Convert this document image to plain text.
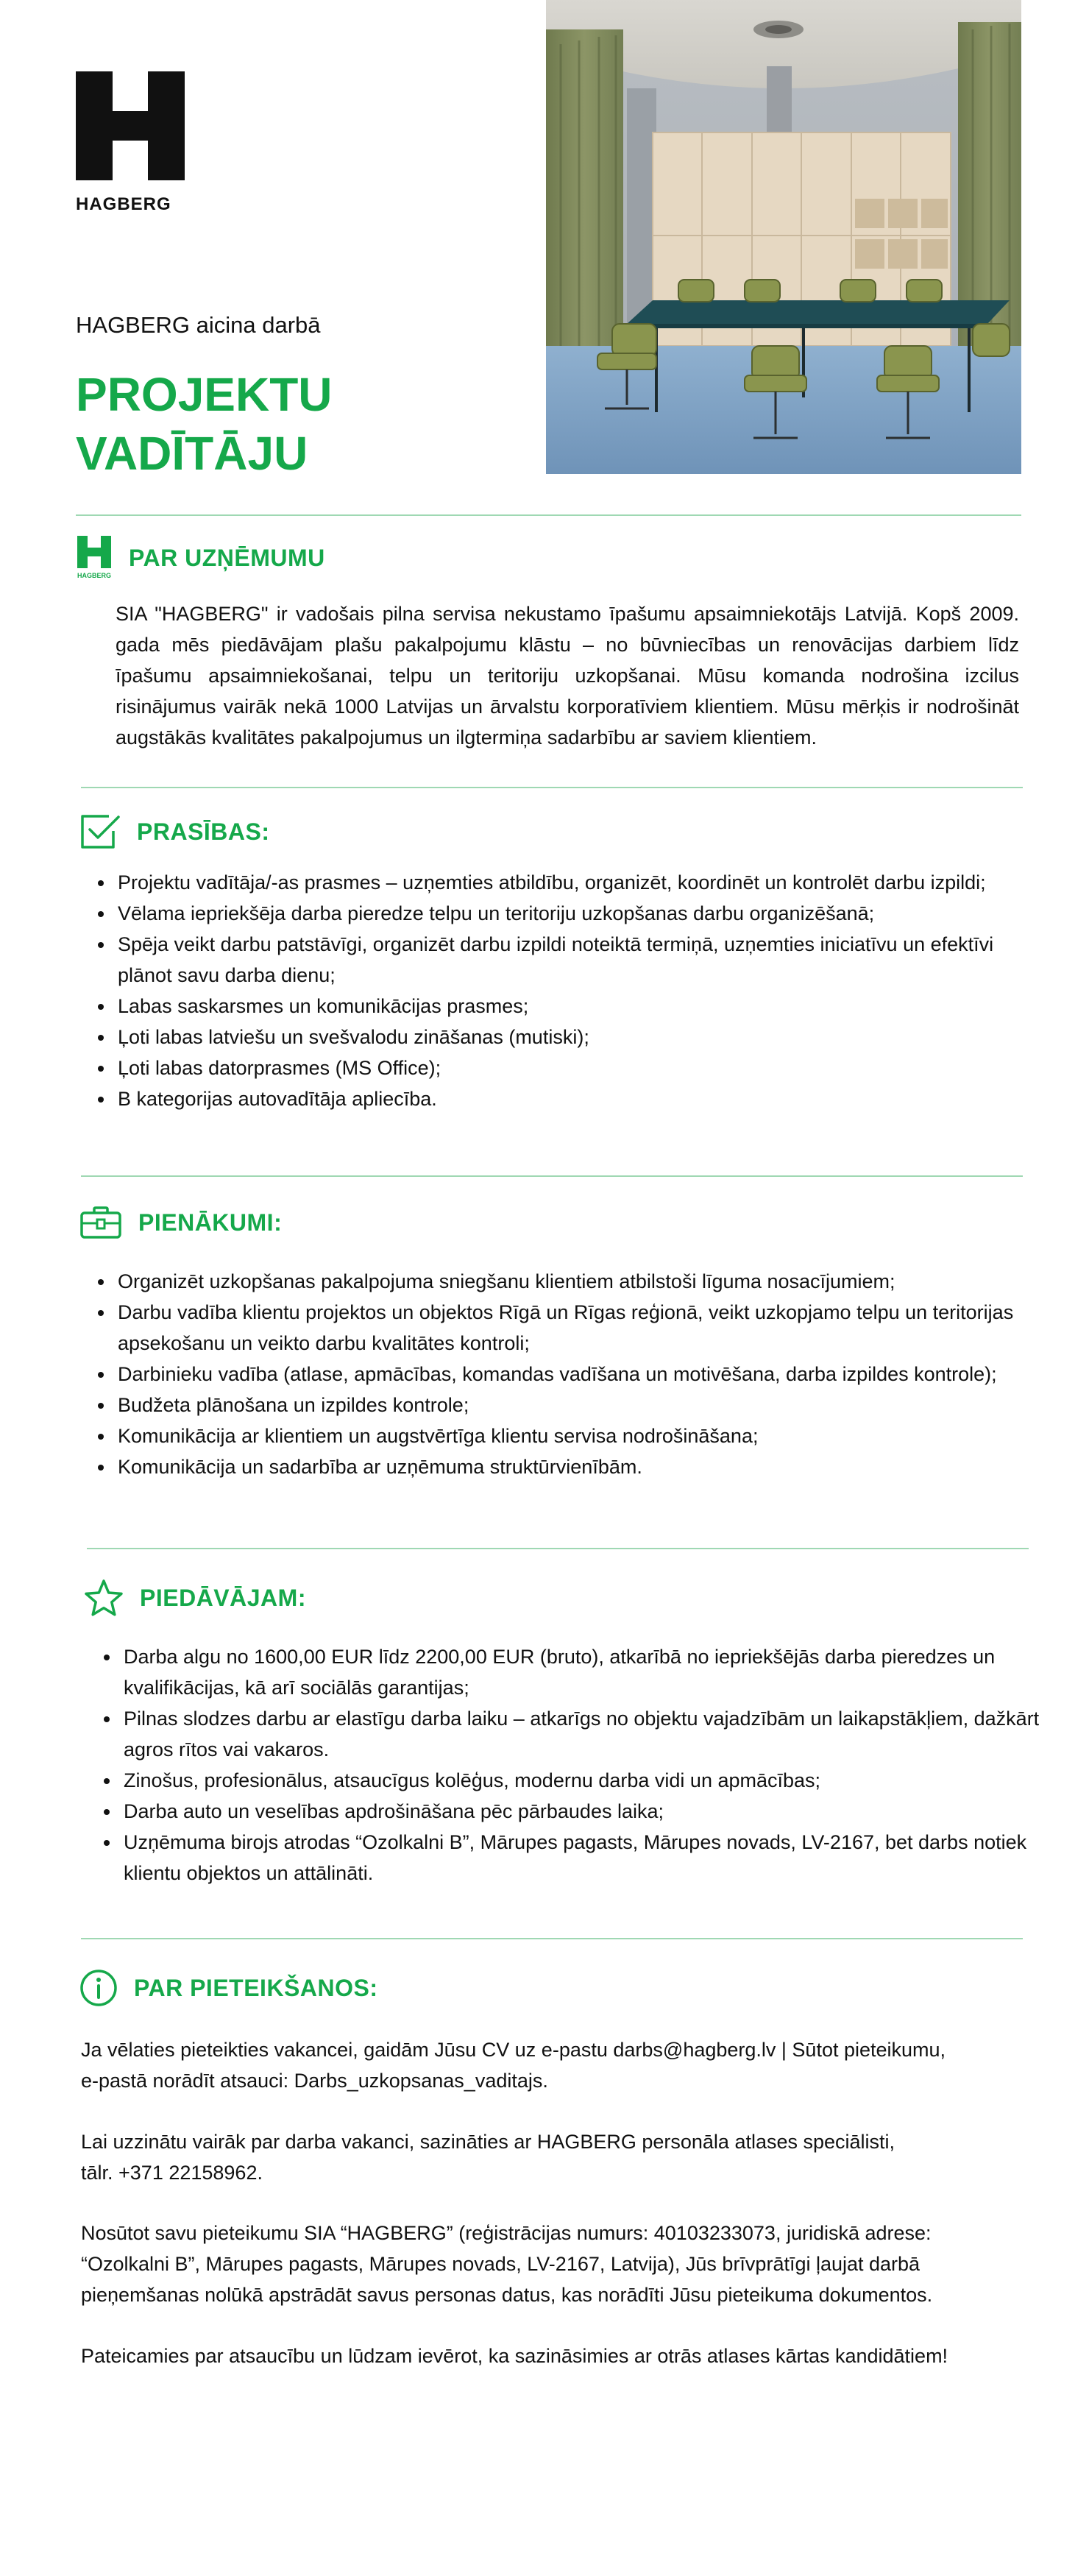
HAGBERG
HAGBERG aicina darbā
PROJEKTU
VADĪTĀJU
HAGBERG
PAR UZŅĒMUMU
SIA "HAGBERG" ir vadošais pilna servisa nekustamo īpašumu apsaimniekotājs Latvijā. Kopš 2009. gada mēs piedāvājam plašu pakalpojumu klāstu – no būvniecības un renovācijas darbiem līdz īpašumu apsaimniekošanai, telpu un teritoriju uzkopšanai. Mūsu komanda nodrošina izcilus risinājumus vairāk nekā 1000 Latvijas un ārvalstu korporatīviem klientiem. Mūsu mērķis ir nodrošināt augstākās kvalitātes pakalpojumus un ilgtermiņa sadarbību ar saviem klientiem.
PRASĪBAS:
• Projektu vadītāja/-as prasmes – uzņemties atbildību, organizēt, koordinēt un kontrolēt darbu izpildi;
• Vēlama iepriekšēja darba pieredze telpu un teritoriju uzkopšanas darbu organizēšanā;
• Spēja veikt darbu patstāvīgi, organizēt darbu izpildi noteiktā termiņā, uzņemties iniciatīvu un efektīvi plānot savu darba dienu;
• Labas saskarsmes un komunikācijas prasmes;
• Ļoti labas latviešu un svešvalodu zināšanas (mutiski);
• Ļoti labas datorprasmes (MS Office);
• B kategorijas autovadītāja apliecība.
PIENĀKUMI:
• Organizēt uzkopšanas pakalpojuma sniegšanu klientiem atbilstoši līguma nosacījumiem;
• Darbu vadība klientu projektos un objektos Rīgā un Rīgas reģionā, veikt uzkopjamo telpu un teritorijas apsekošanu un veikto darbu kvalitātes kontroli;
• Darbinieku vadība (atlase, apmācības, komandas vadīšana un motivēšana, darba izpildes kontrole);
• Budžeta plānošana un izpildes kontrole;
• Komunikācija ar klientiem un augstvērtīga klientu servisa nodrošināšana;
• Komunikācija un sadarbība ar uzņēmuma struktūrvienībām.
PIEDĀVĀJAM:
• Darba algu no 1600,00 EUR līdz 2200,00 EUR (bruto), atkarībā no iepriekšējās darba pieredzes un kvalifikācijas, kā arī sociālās garantijas;
• Pilnas slodzes darbu ar elastīgu darba laiku – atkarīgs no objektu vajadzībām un laikapstākļiem, dažkārt agros rītos vai vakaros.
• Zinošus, profesionālus, atsaucīgus kolēģus, modernu darba vidi un apmācības;
• Darba auto un veselības apdrošināšana pēc pārbaudes laika;
• Uzņēmuma birojs atrodas “Ozolkalni B”, Mārupes pagasts, Mārupes novads, LV-2167, bet darbs notiek klientu objektos un attālināti.
PAR PIETEIKŠANOS:

Ja vēlaties pieteikties vakancei, gaidām Jūsu CV uz e-pastu darbs@hagberg.lv | Sūtot pieteikumu,

e-pastā norādīt atsauci: Darbs_uzkopsanas_vaditajs.

Lai uzzinātu vairāk par darba vakanci, sazināties ar HAGBERG personāla atlases speciālisti,

tālr. +371 22158962.

Nosūtot savu pieteikumu SIA “HAGBERG” (reģistrācijas numurs: 40103233073, juridiskā adrese:

“Ozolkalni B”, Mārupes pagasts, Mārupes novads, LV-2167, Latvija), Jūs brīvprātīgi ļaujat darbā

pieņemšanas nolūkā apstrādāt savus personas datus, kas norādīti Jūsu pieteikuma dokumentos.

Pateicamies par atsaucību un lūdzam ievērot, ka sazināsimies ar otrās atlases kārtas kandidātiem!
